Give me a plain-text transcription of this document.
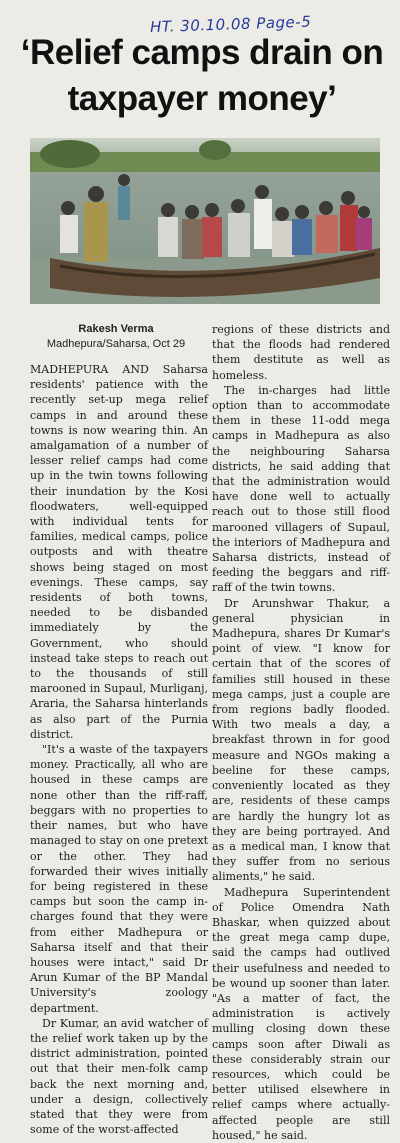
HT. 30.10.08 Page-5
‘Relief camps drain on taxpayer money’
Rakesh Verma
Madhepura/Saharsa, Oct 29

MADHEPURA AND Saharsa residents' patience with the recently set-up mega relief camps in and around these towns is now wearing thin. An amalgamation of a number of lesser relief camps had come up in the twin towns following their inundation by the Kosi floodwaters, well-equipped with individual tents for families, medical camps, police outposts and with theatre shows being staged on most evenings. These camps, say residents of both towns, needed to be disbanded immediately by the Government, who should instead take steps to reach out to the thousands of still marooned in Supaul, Murliganj, Araria, the Saharsa hinterlands as also part of the Purnia district.

"It's a waste of the taxpayers money. Practically, all who are housed in these camps are none other than the riff-raff, beggars with no properties to their names, but who have managed to stay on one pretext or the other. They had forwarded their wives initially for being registered in these camps but soon the camp in-charges found that they were from either Madhepura or Saharsa itself and that their houses were intact," said Dr Arun Kumar of the BP Mandal University's zoology department.

Dr Kumar, an avid watcher of the relief work taken up by the district administration, pointed out that their men-folk camp back the next morning and, under a design, collectively stated that they were from some of the worst-affected

regions of these districts and that the floods had rendered them destitute as well as homeless.

The in-charges had little option than to accommodate them in these 11-odd mega camps in Madhepura as also the neighbouring Saharsa districts, he said adding that that the administration would have done well to actually reach out to those still flood marooned villagers of Supaul, the interiors of Madhepura and Saharsa districts, instead of feeding the beggars and riff-raff of the twin towns.

Dr Arunshwar Thakur, a general physician in Madhepura, shares Dr Kumar's point of view. "I know for certain that of the scores of families still housed in these mega camps, just a couple are from regions badly flooded. With two meals a day, a breakfast thrown in for good measure and NGOs making a beeline for these camps, conveniently located as they are, residents of these camps are hardly the hungry lot as they are being portrayed. And as a medical man, I know that they suffer from no serious aliments," he said.

Madhepura Superintendent of Police Omendra Nath Bhaskar, when quizzed about the great mega camp dupe, said the camps had outlived their usefulness and needed to be wound up sooner than later. "As a matter of fact, the administration is actively mulling closing down these camps soon after Diwali as these considerably strain our resources, which could be better utilised elsewhere in relief camps where actually-affected people are still housed," he said.
